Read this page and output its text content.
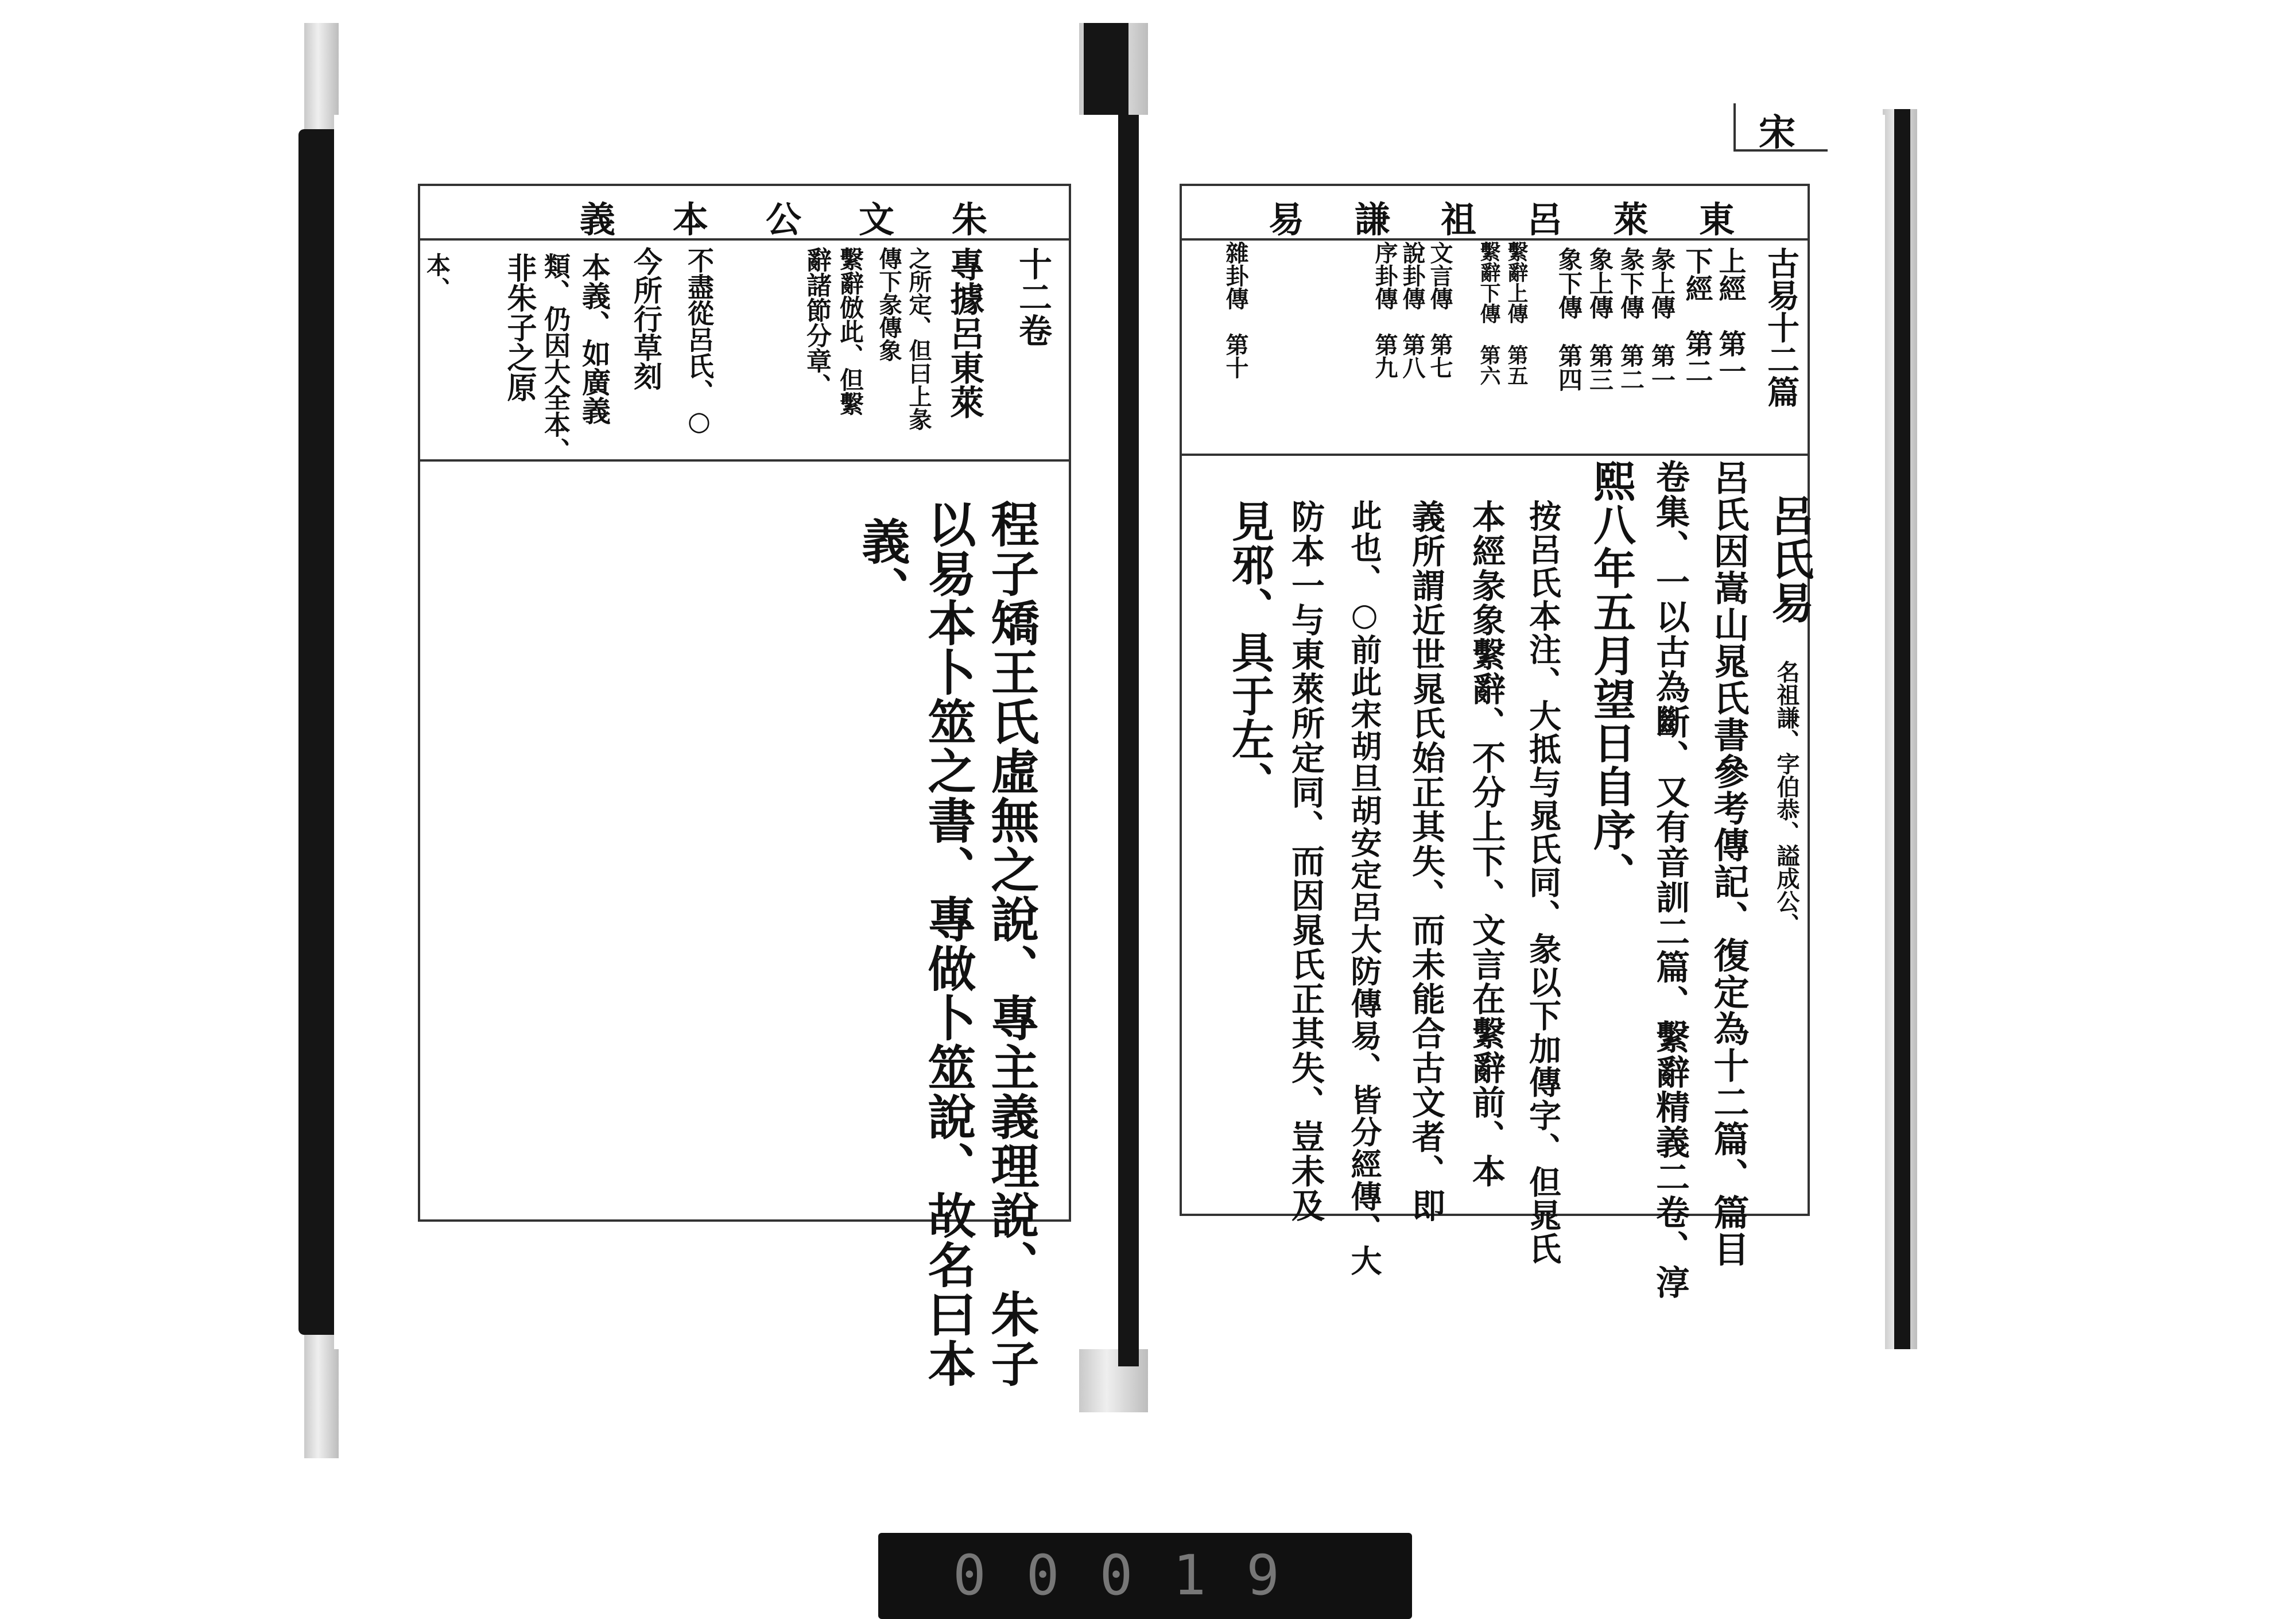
宋
東萊呂祖謙易
古易十二篇
上經　第一
下經　第二
彖上傳　第一
彖下傳　第二
象上傳　第三
象下傳　第四
繫辭上傳　第五
繫辭下傳　第六
文言傳　第七
說卦傳　第八
序卦傳　第九
雜卦傳　第十
呂氏易
名祖謙、字伯恭、謚成公、
呂氏因嵩山晁氏書參考傳記、復定為十二篇、篇目
卷集、一以古為斷、又有音訓二篇、繫辭精義二卷、淳
熙八年五月望日自序、
按呂氏本注、大抵与晁氏同、彖以下加傳字、但晁氏
本經彖象繫辭、不分上下、文言在繫辭前、本
義所謂近世晁氏始正其失、而未能合古文者、即
此也、○前此宋胡旦胡安定呂大防傳易、皆分經傳、大
防本一与東萊所定同、而因晁氏正其失、豈未及
見邪、具于左、
朱文公本義
十二卷
專據呂東萊
之所定、但曰上彖
傳下彖傳象
繫辭倣此、但繫
辭諸節分章、
不盡從呂氏、○
今所行草刻
本義、如廣義
類、仍因大全本、
非朱子之原
本、
程子矯王氏虛無之說、專主義理說、朱子
以易本卜筮之書、專做卜筮說、故名曰本
義、
00019
